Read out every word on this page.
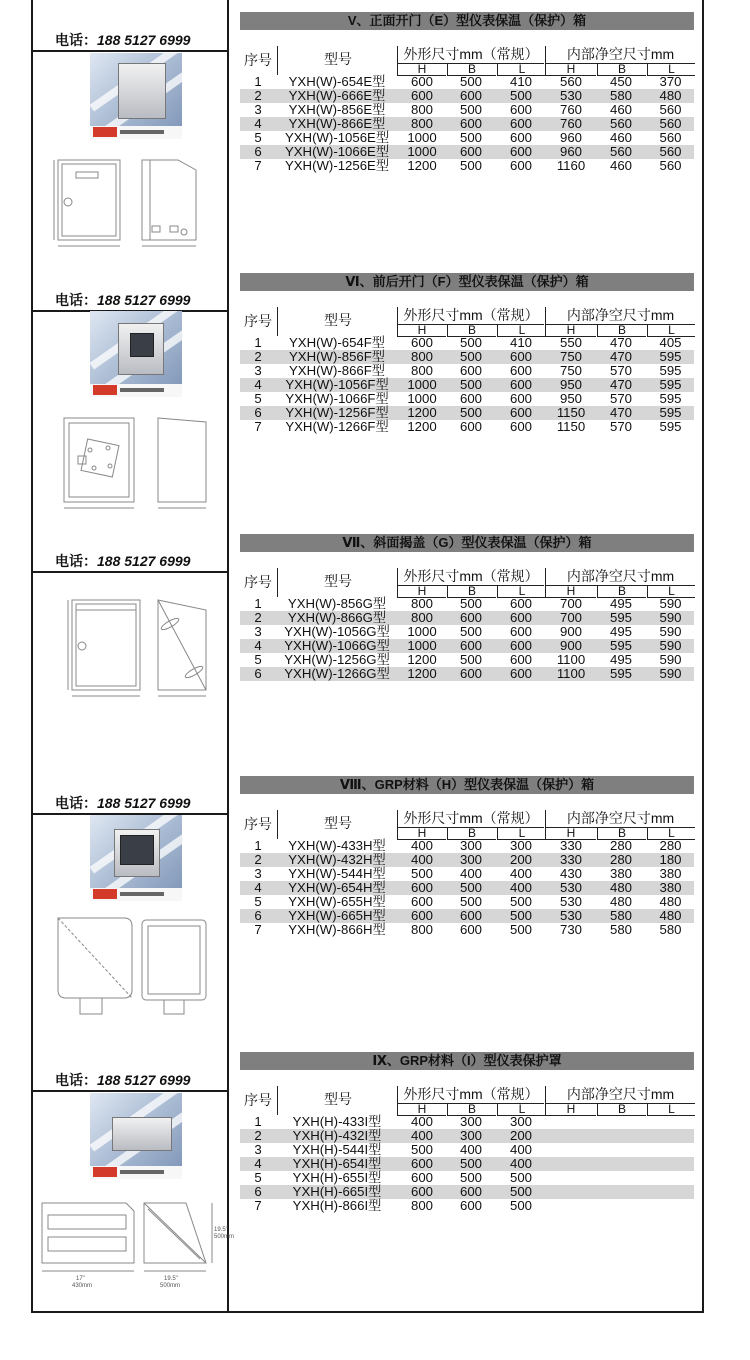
电话：188 5127 6999
V、正面开门（E）型仪表保温（保护）箱
序号	型号	外形尺寸mm（常规）	内部净空尺寸mm
H	B	L	H	B	L
1	YXH(W)-654E型	600	500	410	560	450	370
2	YXH(W)-666E型	600	600	500	530	580	480
3	YXH(W)-856E型	800	500	600	760	460	560
4	YXH(W)-866E型	800	600	600	760	560	560
5	YXH(W)-1056E型	1000	500	600	960	460	560
6	YXH(W)-1066E型	1000	600	600	960	560	560
7	YXH(W)-1256E型	1200	500	600	1160	460	560
电话：188 5127 6999
Ⅵ、前后开门（F）型仪表保温（保护）箱
序号	型号	外形尺寸mm（常规）	内部净空尺寸mm
H	B	L	H	B	L
1	YXH(W)-654F型	600	500	410	550	470	405
2	YXH(W)-856F型	800	500	600	750	470	595
3	YXH(W)-866F型	800	600	600	750	570	595
4	YXH(W)-1056F型	1000	500	600	950	470	595
5	YXH(W)-1066F型	1000	600	600	950	570	595
6	YXH(W)-1256F型	1200	500	600	1150	470	595
7	YXH(W)-1266F型	1200	600	600	1150	570	595
电话：188 5127 6999
Ⅶ、斜面揭盖（G）型仪表保温（保护）箱
序号	型号	外形尺寸mm（常规）	内部净空尺寸mm
H	B	L	H	B	L
1	YXH(W)-856G型	800	500	600	700	495	590
2	YXH(W)-866G型	800	600	600	700	595	590
3	YXH(W)-1056G型	1000	500	600	900	495	590
4	YXH(W)-1066G型	1000	600	600	900	595	590
5	YXH(W)-1256G型	1200	500	600	1100	495	590
6	YXH(W)-1266G型	1200	600	600	1100	595	590
电话：188 5127 6999
Ⅷ、GRP材料（H）型仪表保温（保护）箱
序号	型号	外形尺寸mm（常规）	内部净空尺寸mm
H	B	L	H	B	L
1	YXH(W)-433H型	400	300	300	330	280	280
2	YXH(W)-432H型	400	300	200	330	280	180
3	YXH(W)-544H型	500	400	400	430	380	380
4	YXH(W)-654H型	600	500	400	530	480	380
5	YXH(W)-655H型	600	500	500	530	480	480
6	YXH(W)-665H型	600	600	500	530	580	480
7	YXH(W)-866H型	800	600	500	730	580	580
电话：188 5127 6999
17"
430mm
19.5"
500mm
19.5"
500mm
Ⅸ、GRP材料（I）型仪表保护罩
序号	型号	外形尺寸mm（常规）	内部净空尺寸mm
H	B	L	H	B	L
1	YXH(H)-433I型	400	300	300
2	YXH(H)-432I型	400	300	200
3	YXH(H)-544I型	500	400	400
4	YXH(H)-654I型	600	500	400
5	YXH(H)-655I型	600	500	500
6	YXH(H)-665I型	600	600	500
7	YXH(H)-866I型	800	600	500
